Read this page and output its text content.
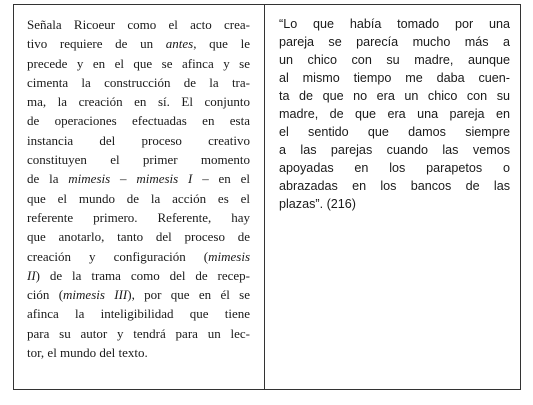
Señala Ricoeur como el acto crea-
tivo requiere de un antes, que le
precede y en el que se afinca y se
cimenta la construcción de la tra-
ma, la creación en sí. El conjunto
de operaciones efectuadas en esta
instancia del proceso creativo
constituyen el primer momento
de la mimesis – mimesis I – en el
que el mundo de la acción es el
referente primero. Referente, hay
que anotarlo, tanto del proceso de
creación y configuración (mimesis
II) de la trama como del de recep-
ción (mimesis III), por que en él se
afinca la inteligibilidad que tiene
para su autor y tendrá para un lec-
tor, el mundo del texto.
“Lo que había tomado por una
pareja se parecía mucho más a
un chico con su madre, aunque
al mismo tiempo me daba cuen-
ta de que no era un chico con su
madre, de que era una pareja en
el sentido que damos siempre
a las parejas cuando las vemos
apoyadas en los parapetos o
abrazadas en los bancos de las
plazas”. (216)
